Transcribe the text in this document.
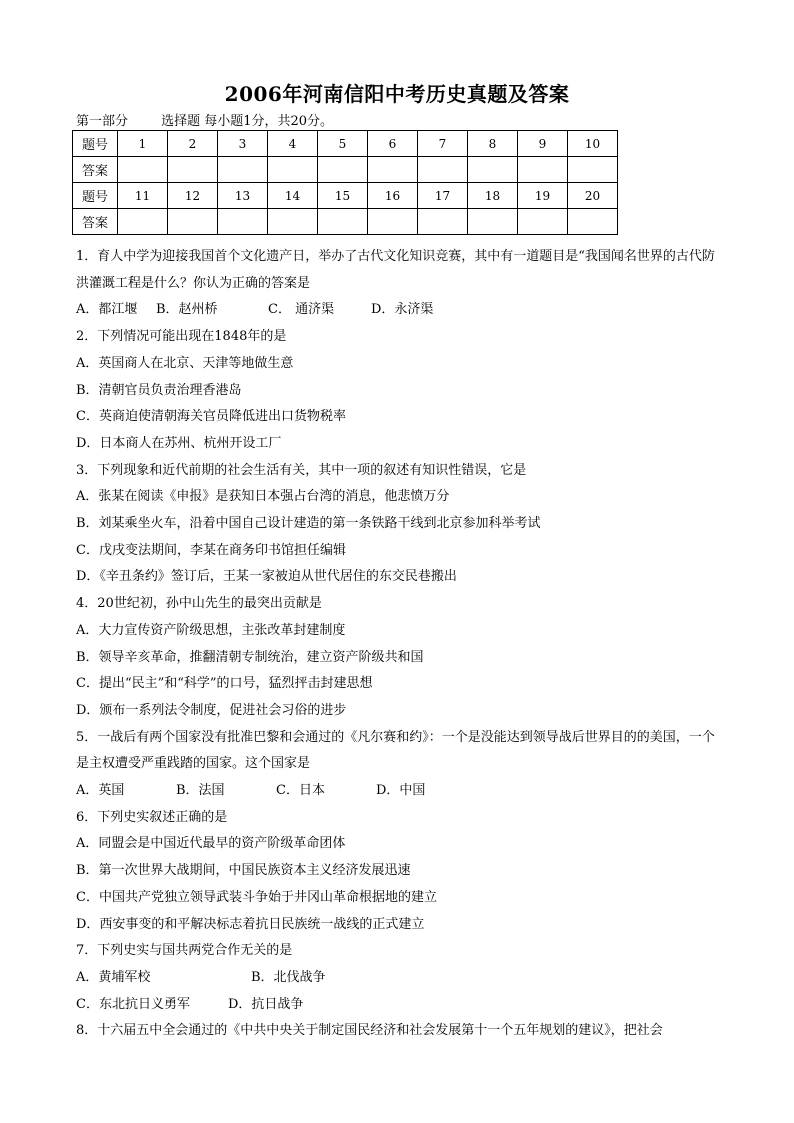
2006年河南信阳中考历史真题及答案
第一部分	选择题 每小题1分，共20分。
题号	1	2	3	4	5	6	7	8	9	10
答案										
题号	11	12	13	14	15	16	17	18	19	20
答案										

1．育人中学为迎接我国首个文化遗产日，举办了古代文化知识竞赛，其中有一道题目是“我国闻名世界的古代防洪灌溉工程是什么？你认为正确的答案是

A．都江堰 B．赵州桥	C． 通济渠	D．永济渠

2．下列情况可能出现在1848年的是

A．英国商人在北京、天津等地做生意

B．清朝官员负责治理香港岛

C．英商迫使清朝海关官员降低进出口货物税率

D．日本商人在苏州、杭州开设工厂

3．下列现象和近代前期的社会生活有关，其中一项的叙述有知识性错误，它是

A．张某在阅读《申报》是获知日本强占台湾的消息，他悲愤万分

B．刘某乘坐火车，沿着中国自己设计建造的第一条铁路干线到北京参加科举考试

C．戊戌变法期间，李某在商务印书馆担任编辑

D．《辛丑条约》签订后，王某一家被迫从世代居住的东交民巷搬出

4．20世纪初，孙中山先生的最突出贡献是

A．大力宣传资产阶级思想，主张改革封建制度

B．领导辛亥革命，推翻清朝专制统治，建立资产阶级共和国

C．提出“民主”和“科学”的口号，猛烈抨击封建思想

D．颁布一系列法令制度，促进社会习俗的进步

5．一战后有两个国家没有批准巴黎和会通过的《凡尔赛和约》：一个是没能达到领导战后世界目的的美国，一个是主权遭受严重践踏的国家。这个国家是

A．英国	B．法国	C．日本	D．中国

6．下列史实叙述正确的是

A．同盟会是中国近代最早的资产阶级革命团体

B．第一次世界大战期间，中国民族资本主义经济发展迅速

C．中国共产党独立领导武装斗争始于井冈山革命根据地的建立

D．西安事变的和平解决标志着抗日民族统一战线的正式建立

7．下列史实与国共两党合作无关的是

A．黄埔军校	B．北伐战争

C．东北抗日义勇军	D．抗日战争

8．十六届五中全会通过的《中共中央关于制定国民经济和社会发展第十一个五年规划的建议》，把社会
